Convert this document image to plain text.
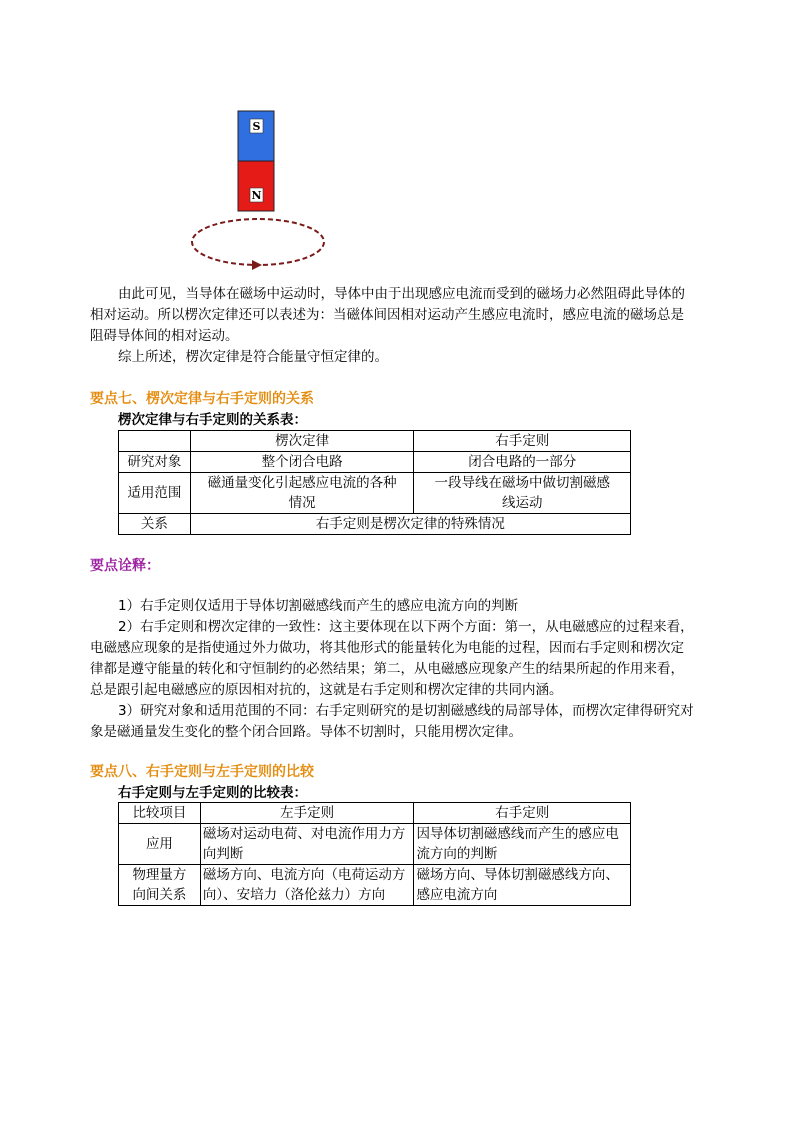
S
N

由此可见，当导体在磁场中运动时，导体中由于出现感应电流而受到的磁场力必然阻碍此导体的

相对运动。所以楞次定律还可以表述为：当磁体间因相对运动产生感应电流时，感应电流的磁场总是

阻碍导体间的相对运动。

综上所述，楞次定律是符合能量守恒定律的。

要点七、楞次定律与右手定则的关系

楞次定律与右手定则的关系表：

	楞次定律	右手定则
研究对象	整个闭合电路	闭合电路的一部分
适用范围	磁通量变化引起感应电流的各种情况	一段导线在磁场中做切割磁感线运动
关系	右手定则是楞次定律的特殊情况	

要点诠释：

1）右手定则仅适用于导体切割磁感线而产生的感应电流方向的判断

2）右手定则和楞次定律的一致性：这主要体现在以下两个方面：第一，从电磁感应的过程来看，

电磁感应现象的是指使通过外力做功，将其他形式的能量转化为电能的过程，因而右手定则和楞次定

律都是遵守能量的转化和守恒制约的必然结果；第二，从电磁感应现象产生的结果所起的作用来看，

总是跟引起电磁感应的原因相对抗的，这就是右手定则和楞次定律的共同内涵。

3）研究对象和适用范围的不同：右手定则研究的是切割磁感线的局部导体，而楞次定律得研究对

象是磁通量发生变化的整个闭合回路。导体不切割时，只能用楞次定律。

要点八、右手定则与左手定则的比较

右手定则与左手定则的比较表：

比较项目	左手定则	右手定则
应用	磁场对运动电荷、对电流作用力方向判断	因导体切割磁感线而产生的感应电流方向的判断
物理量方向间关系	磁场方向、电流方向（电荷运动方向）、安培力（洛伦兹力）方向	磁场方向、导体切割磁感线方向、感应电流方向
